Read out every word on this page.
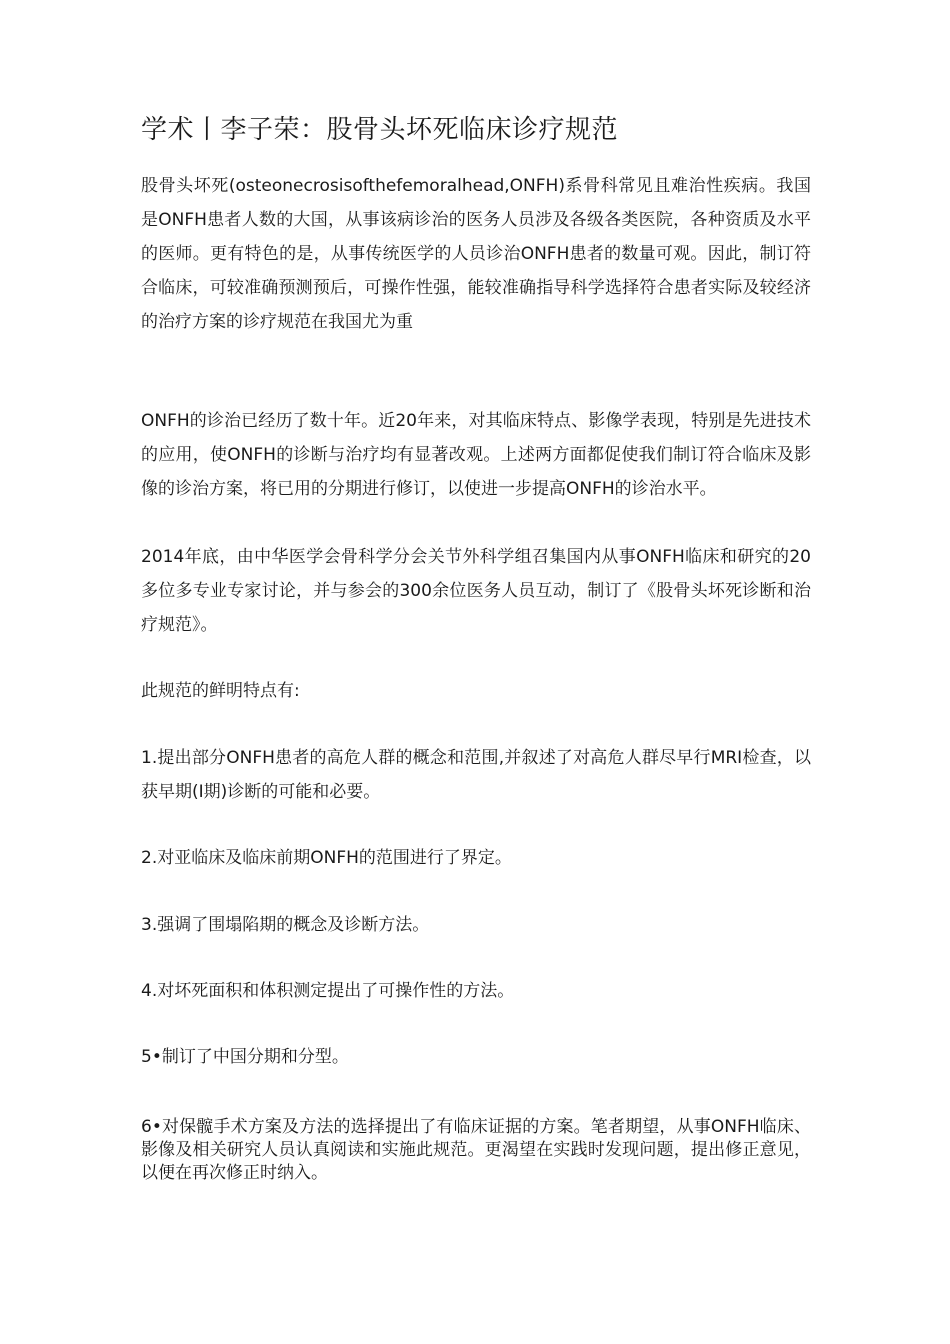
学术丨李子荣：股骨头坏死临床诊疗规范

股骨头坏死(osteonecrosisofthefemoralhead,ONFH)系骨科常见且难治性疾病。我国是ONFH患者人数的大国，从事该病诊治的医务人员涉及各级各类医院，各种资质及水平的医师。更有特色的是，从事传统医学的人员诊治ONFH患者的数量可观。因此，制订符合临床，可较准确预测预后，可操作性强，能较准确指导科学选择符合患者实际及较经济的治疗方案的诊疗规范在我国尤为重

ONFH的诊治已经历了数十年。近20年来，对其临床特点、影像学表现，特别是先进技术的应用，使ONFH的诊断与治疗均有显著改观。上述两方面都促使我们制订符合临床及影像的诊治方案，将已用的分期进行修订，以使进一步提高ONFH的诊治水平。

2014年底，由中华医学会骨科学分会关节外科学组召集国内从事ONFH临床和研究的20多位多专业专家讨论，并与参会的300余位医务人员互动，制订了《股骨头坏死诊断和治疗规范》。

此规范的鲜明特点有:

1.提出部分ONFH患者的高危人群的概念和范围,并叙述了对高危人群尽早行MRI检查，以获早期(I期)诊断的可能和必要。

2.对亚临床及临床前期ONFH的范围进行了界定。

3.强调了围塌陷期的概念及诊断方法。

4.对坏死面积和体积测定提出了可操作性的方法。

5•制订了中国分期和分型。

6•对保髋手术方案及方法的选择提出了有临床证据的方案。笔者期望，从事ONFH临床、影像及相关研究人员认真阅读和实施此规范。更渴望在实践时发现问题，提出修正意见，以便在再次修正时纳入。
